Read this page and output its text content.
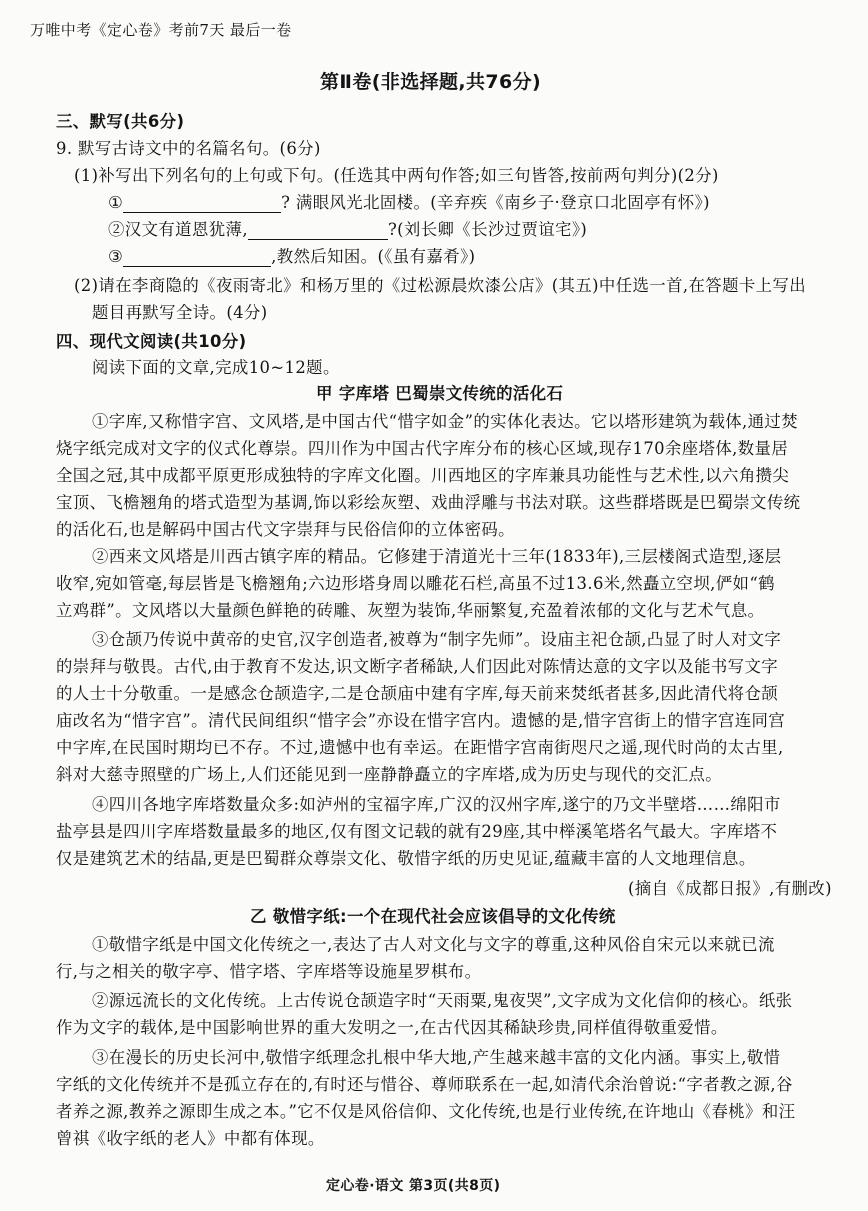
万唯中考《定心卷》考前7天 最后一卷
第Ⅱ卷(非选择题,共76分)
三、默写(共6分)
9. 默写古诗文中的名篇名句。(6分)
(1)补写出下列名句的上句或下句。(任选其中两句作答;如三句皆答,按前两句判分)(2分)
①	? 满眼风光北固楼。(辛弃疾《南乡子·登京口北固亭有怀》)
②汉文有道恩犹薄,	?(刘长卿《长沙过贾谊宅》)
③	,教然后知困。(《虽有嘉肴》)
(2)请在李商隐的《夜雨寄北》和杨万里的《过松源晨炊漆公店》(其五)中任选一首,在答题卡上写出
题目再默写全诗。(4分)
四、现代文阅读(共10分)
阅读下面的文章,完成10~12题。
甲 字库塔 巴蜀崇文传统的活化石
①字库,又称惜字宫、文风塔,是中国古代“惜字如金”的实体化表达。它以塔形建筑为载体,通过焚
烧字纸完成对文字的仪式化尊崇。四川作为中国古代字库分布的核心区域,现存170余座塔体,数量居
全国之冠,其中成都平原更形成独特的字库文化圈。川西地区的字库兼具功能性与艺术性,以六角攒尖
宝顶、飞檐翘角的塔式造型为基调,饰以彩绘灰塑、戏曲浮雕与书法对联。这些群塔既是巴蜀崇文传统
的活化石,也是解码中国古代文字崇拜与民俗信仰的立体密码。
②西来文风塔是川西古镇字库的精品。它修建于清道光十三年(1833年),三层楼阁式造型,逐层
收窄,宛如管毫,每层皆是飞檐翘角;六边形塔身周以雕花石栏,高虽不过13.6米,然矗立空坝,俨如“鹤
立鸡群”。文风塔以大量颜色鲜艳的砖雕、灰塑为装饰,华丽繁复,充盈着浓郁的文化与艺术气息。
③仓颉乃传说中黄帝的史官,汉字创造者,被尊为“制字先师”。设庙主祀仓颉,凸显了时人对文字
的崇拜与敬畏。古代,由于教育不发达,识文断字者稀缺,人们因此对陈情达意的文字以及能书写文字
的人士十分敬重。一是感念仓颉造字,二是仓颉庙中建有字库,每天前来焚纸者甚多,因此清代将仓颉
庙改名为“惜字宫”。清代民间组织“惜字会”亦设在惜字宫内。遗憾的是,惜字宫街上的惜字宫连同宫
中字库,在民国时期均已不存。不过,遗憾中也有幸运。在距惜字宫南街咫尺之遥,现代时尚的太古里,
斜对大慈寺照壁的广场上,人们还能见到一座静静矗立的字库塔,成为历史与现代的交汇点。
④四川各地字库塔数量众多:如泸州的宝福字库,广汉的汉州字库,遂宁的乃文半壁塔……绵阳市
盐亭县是四川字库塔数量最多的地区,仅有图文记载的就有29座,其中榉溪笔塔名气最大。字库塔不
仅是建筑艺术的结晶,更是巴蜀群众尊崇文化、敬惜字纸的历史见证,蕴藏丰富的人文地理信息。
(摘自《成都日报》,有删改)
乙 敬惜字纸:一个在现代社会应该倡导的文化传统
①敬惜字纸是中国文化传统之一,表达了古人对文化与文字的尊重,这种风俗自宋元以来就已流
行,与之相关的敬字亭、惜字塔、字库塔等设施星罗棋布。
②源远流长的文化传统。上古传说仓颉造字时“天雨粟,鬼夜哭”,文字成为文化信仰的核心。纸张
作为文字的载体,是中国影响世界的重大发明之一,在古代因其稀缺珍贵,同样值得敬重爱惜。
③在漫长的历史长河中,敬惜字纸理念扎根中华大地,产生越来越丰富的文化内涵。事实上,敬惜
字纸的文化传统并不是孤立存在的,有时还与惜谷、尊师联系在一起,如清代余治曾说:“字者教之源,谷
者养之源,教养之源即生成之本。”它不仅是风俗信仰、文化传统,也是行业传统,在许地山《春桃》和汪
曾祺《收字纸的老人》中都有体现。
定心卷·语文 第3页(共8页)
